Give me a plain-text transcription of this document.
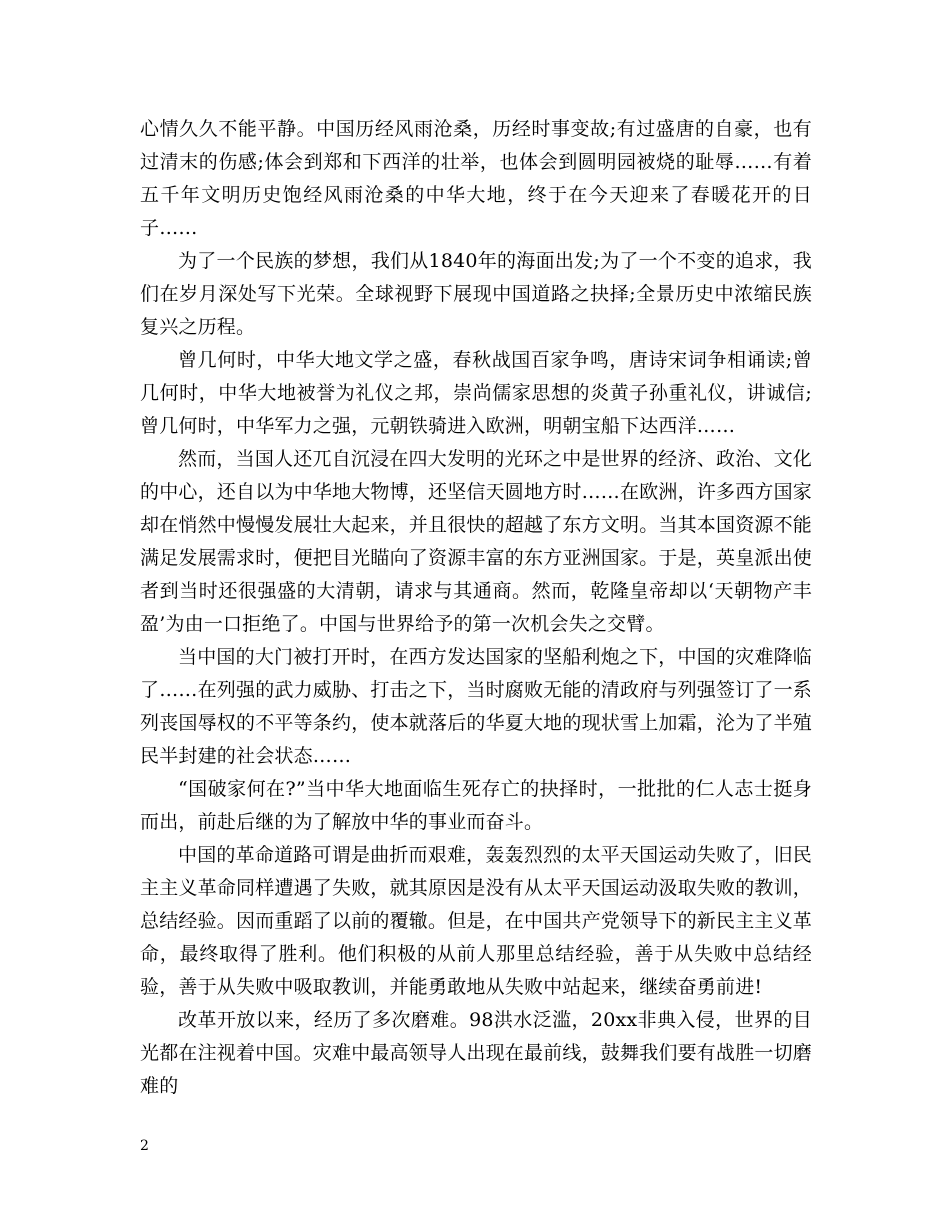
心情久久不能平静。中国历经风雨沧桑，历经时事变故;有过盛唐的自豪，也有过清末的伤感;体会到郑和下西洋的壮举，也体会到圆明园被烧的耻辱……有着五千年文明历史饱经风雨沧桑的中华大地，终于在今天迎来了春暖花开的日子……

为了一个民族的梦想，我们从1840年的海面出发;为了一个不变的追求，我们在岁月深处写下光荣。全球视野下展现中国道路之抉择;全景历史中浓缩民族复兴之历程。

曾几何时，中华大地文学之盛，春秋战国百家争鸣，唐诗宋词争相诵读;曾几何时，中华大地被誉为礼仪之邦，崇尚儒家思想的炎黄子孙重礼仪，讲诚信;曾几何时，中华军力之强，元朝铁骑进入欧洲，明朝宝船下达西洋……

然而，当国人还兀自沉浸在四大发明的光环之中是世界的经济、政治、文化的中心，还自以为中华地大物博，还坚信天圆地方时……在欧洲，许多西方国家却在悄然中慢慢发展壮大起来，并且很快的超越了东方文明。当其本国资源不能满足发展需求时，便把目光瞄向了资源丰富的东方亚洲国家。于是，英皇派出使者到当时还很强盛的大清朝，请求与其通商。然而，乾隆皇帝却以‘天朝物产丰盈’为由一口拒绝了。中国与世界给予的第一次机会失之交臂。

当中国的大门被打开时，在西方发达国家的坚船利炮之下，中国的灾难降临了……在列强的武力威胁、打击之下，当时腐败无能的清政府与列强签订了一系列丧国辱权的不平等条约，使本就落后的华夏大地的现状雪上加霜，沦为了半殖民半封建的社会状态……

“国破家何在?”当中华大地面临生死存亡的抉择时，一批批的仁人志士挺身而出，前赴后继的为了解放中华的事业而奋斗。

中国的革命道路可谓是曲折而艰难，轰轰烈烈的太平天国运动失败了，旧民主主义革命同样遭遇了失败，就其原因是没有从太平天国运动汲取失败的教训，总结经验。因而重蹈了以前的覆辙。但是，在中国共产党领导下的新民主主义革命，最终取得了胜利。他们积极的从前人那里总结经验，善于从失败中总结经验，善于从失败中吸取教训，并能勇敢地从失败中站起来，继续奋勇前进!

改革开放以来，经历了多次磨难。98洪水泛滥，20xx非典入侵，世界的目光都在注视着中国。灾难中最高领导人出现在最前线，鼓舞我们要有战胜一切磨难的

2
